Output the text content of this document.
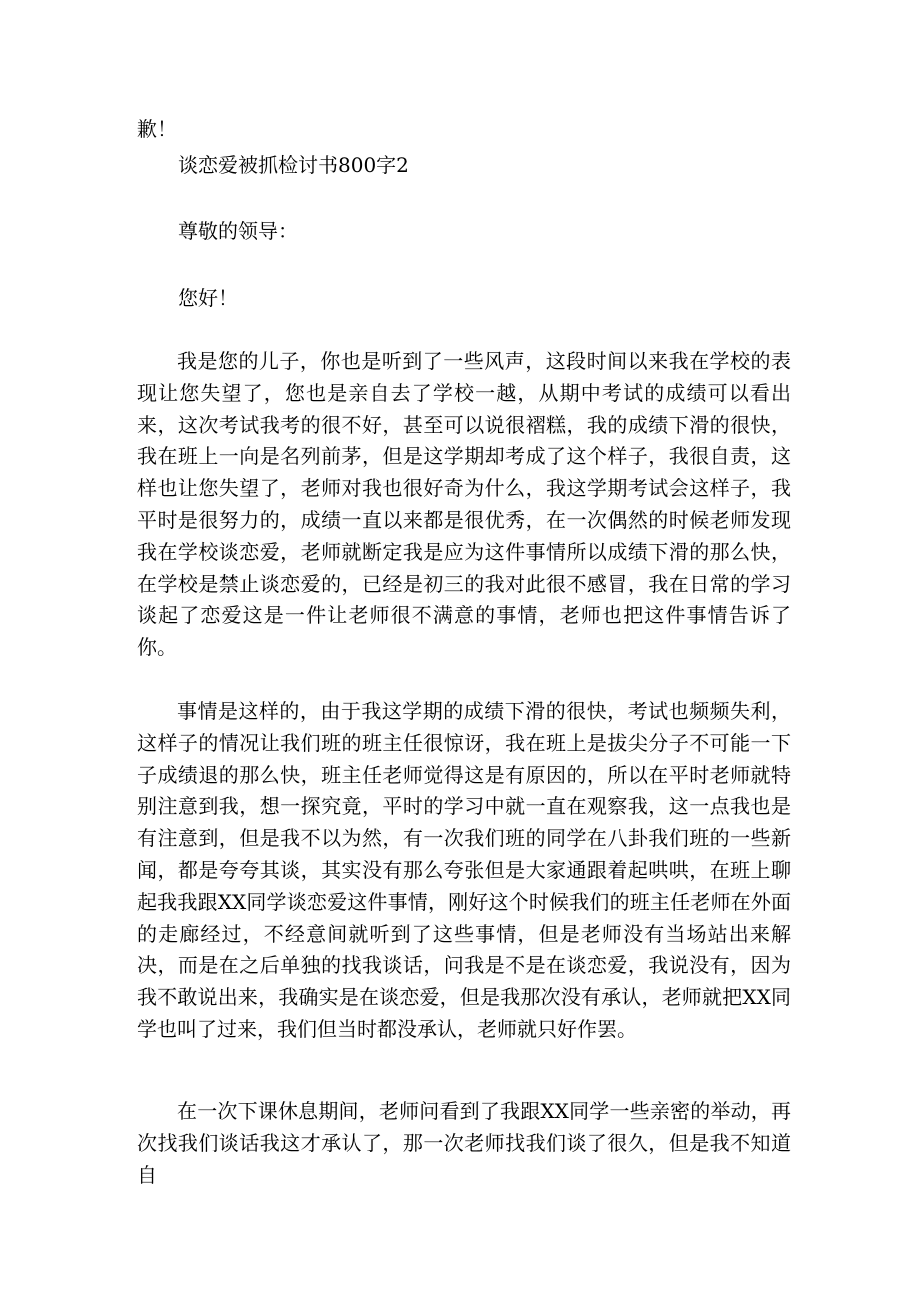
歉！
谈恋爱被抓检讨书800字2
尊敬的领导：
您好！

我是您的儿子，你也是听到了一些风声，这段时间以来我在学校的表现让您失望了，您也是亲自去了学校一越，从期中考试的成绩可以看出来，这次考试我考的很不好，甚至可以说很褶糕，我的成绩下滑的很快，我在班上一向是名列前茅，但是这学期却考成了这个样子，我很自责，这样也让您失望了，老师对我也很好奇为什么，我这学期考试会这样子，我平时是很努力的，成绩一直以来都是很优秀，在一次偶然的时候老师发现我在学校谈恋爱，老师就断定我是应为这件事情所以成绩下滑的那么快，在学校是禁止谈恋爱的，已经是初三的我对此很不感冒，我在日常的学习谈起了恋爱这是一件让老师很不满意的事情，老师也把这件事情告诉了你。

事情是这样的，由于我这学期的成绩下滑的很快，考试也频频失利，这样子的情况让我们班的班主任很惊讶，我在班上是拔尖分子不可能一下子成绩退的那么快，班主任老师觉得这是有原因的，所以在平时老师就特别注意到我，想一探究竟，平时的学习中就一直在观察我，这一点我也是有注意到，但是我不以为然，有一次我们班的同学在八卦我们班的一些新闻，都是夸夸其谈，其实没有那么夸张但是大家通跟着起哄哄，在班上聊起我我跟XX同学谈恋爱这件事情，刚好这个时候我们的班主任老师在外面的走廊经过，不经意间就听到了这些事情，但是老师没有当场站出来解决，而是在之后单独的找我谈话，问我是不是在谈恋爱，我说没有，因为我不敢说出来，我确实是在谈恋爱，但是我那次没有承认，老师就把XX同学也叫了过来，我们但当时都没承认，老师就只好作罢。

在一次下课休息期间，老师问看到了我跟XX同学一些亲密的举动，再次找我们谈话我这才承认了，那一次老师找我们谈了很久，但是我不知道自
